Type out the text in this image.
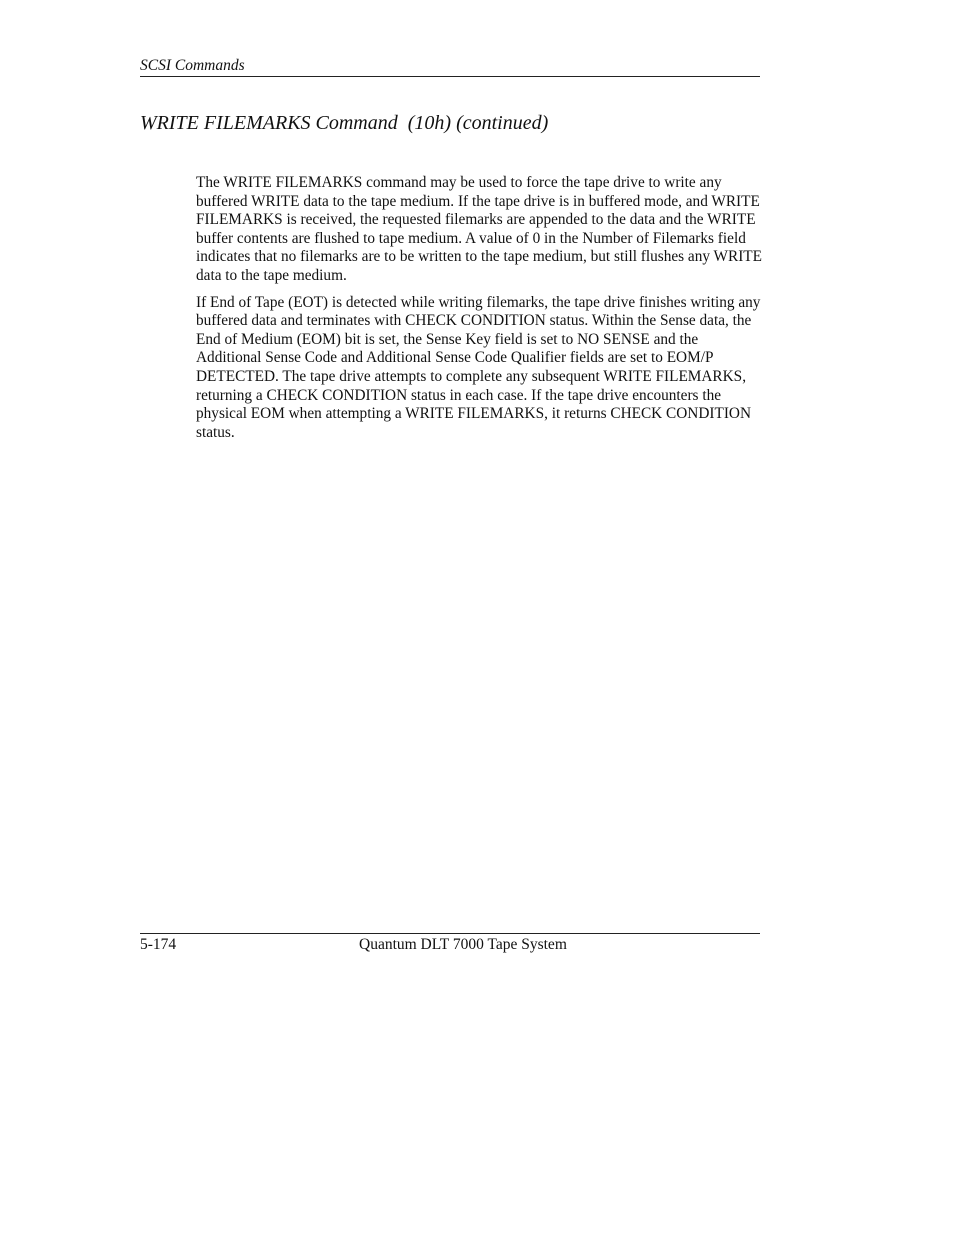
SCSI Commands
WRITE FILEMARKS Command  (10h) (continued)

The WRITE FILEMARKS command may be used to force the tape drive to write any buffered WRITE data to the tape medium. If the tape drive is in buffered mode, and WRITE FILEMARKS is received, the requested filemarks are appended to the data and the WRITE buffer contents are flushed to tape medium. A value of 0 in the Number of Filemarks field indicates that no filemarks are to be written to the tape medium, but still flushes any WRITE data to the tape medium.

If End of Tape (EOT) is detected while writing filemarks, the tape drive finishes writing any buffered data and terminates with CHECK CONDITION status. Within the Sense data, the End of Medium (EOM) bit is set, the Sense Key field is set to NO SENSE and the Additional Sense Code and Additional Sense Code Qualifier fields are set to EOM/P DETECTED. The tape drive attempts to complete any subsequent WRITE FILEMARKS, returning a CHECK CONDITION status in each case. If the tape drive encounters the physical EOM when attempting a WRITE FILEMARKS, it returns CHECK CONDITION status.

5-174	Quantum DLT 7000 Tape System
